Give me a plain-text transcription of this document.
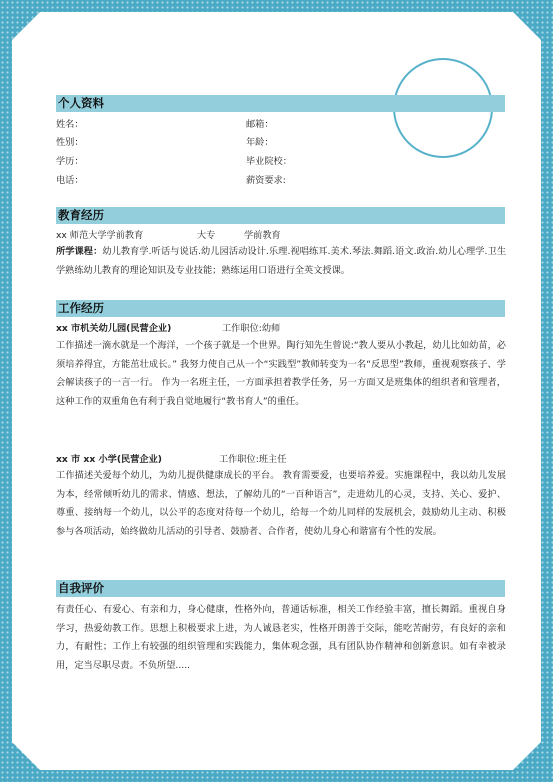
个人资料
姓名：	邮箱：
性别：	年龄：
学历：	毕业院校：
电话：	薪资要求:
教育经历
xx 师范大学学前教育	大专	学前教育
所学课程：幼儿教育学.听话与说话.幼儿园活动设计.乐理.视唱练耳.美术.琴法.舞蹈.语文.政治.幼儿心理学.卫生学熟练幼儿教育的理论知识及专业技能；熟练运用口语进行全英文授课。
工作经历
xx 市机关幼儿园(民营企业)	工作职位:幼师
工作描述一滴水就是一个海洋，一个孩子就是一个世界。陶行知先生曾说:“教人要从小教起，幼儿比如幼苗，必须培养得宜，方能茁壮成长。” 我努力使自己从一个“实践型”教师转变为一名“反思型”教师，重视观察孩子、学会解读孩子的一言一行。 作为一名班主任，一方面承担着教学任务，另一方面又是班集体的组织者和管理者，这种工作的双重角色有利于我自觉地履行“教书育人”的重任。
xx 市 xx 小学(民营企业)	工作职位:班主任
工作描述关爱每个幼儿，为幼儿提供健康成长的平台。 教育需要爱，也要培养爱。实施课程中，我以幼儿发展为本，经常倾听幼儿的需求、情感、想法，了解幼儿的“一百种语言”，走进幼儿的心灵，支持、关心、爱护、尊重、接纳每一个幼儿，以公平的态度对待每一个幼儿，给每一个幼儿同样的发展机会，鼓励幼儿主动、积极参与各项活动，始终做幼儿活动的引导者、鼓励者、合作者，使幼儿身心和谐富有个性的发展。
自我评价
有责任心、有爱心、有亲和力，身心健康，性格外向，普通话标准，相关工作经验丰富，擅长舞蹈。重视自身学习，热爱幼教工作。思想上积极要求上进，为人诚恳老实，性格开朗善于交际，能吃苦耐劳，有良好的亲和力，有耐性；工作上有较强的组织管理和实践能力，集体观念强，具有团队协作精神和创新意识。如有幸被录用，定当尽职尽责。不负所望.....
